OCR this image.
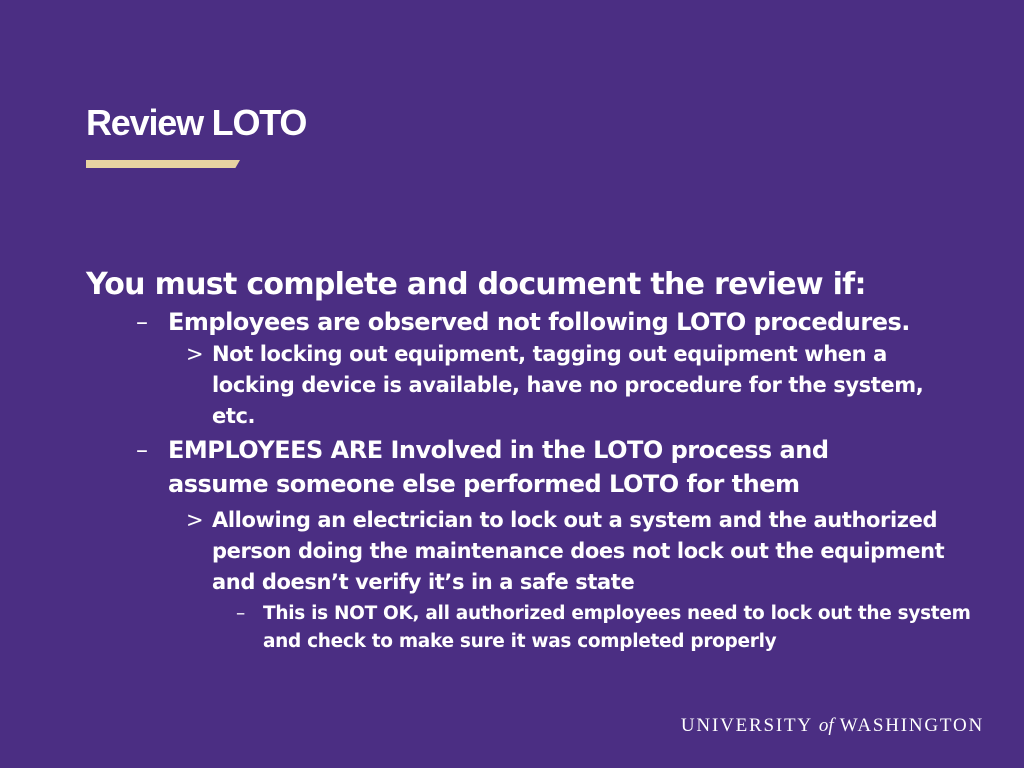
Review LOTO

You must complete and document the review if:

– Employees are observed not following LOTO procedures.
> Not locking out equipment, tagging out equipment when a locking device is available, have no procedure for the system, etc.
– EMPLOYEES ARE Involved in the LOTO process and assume someone else performed LOTO for them
> Allowing an electrician to lock out a system and the authorized person doing the maintenance does not lock out the equipment and doesn’t verify it’s in a safe state
– This is NOT OK, all authorized employees need to lock out the system and check to make sure it was completed properly
UNIVERSITY of WASHINGTON
